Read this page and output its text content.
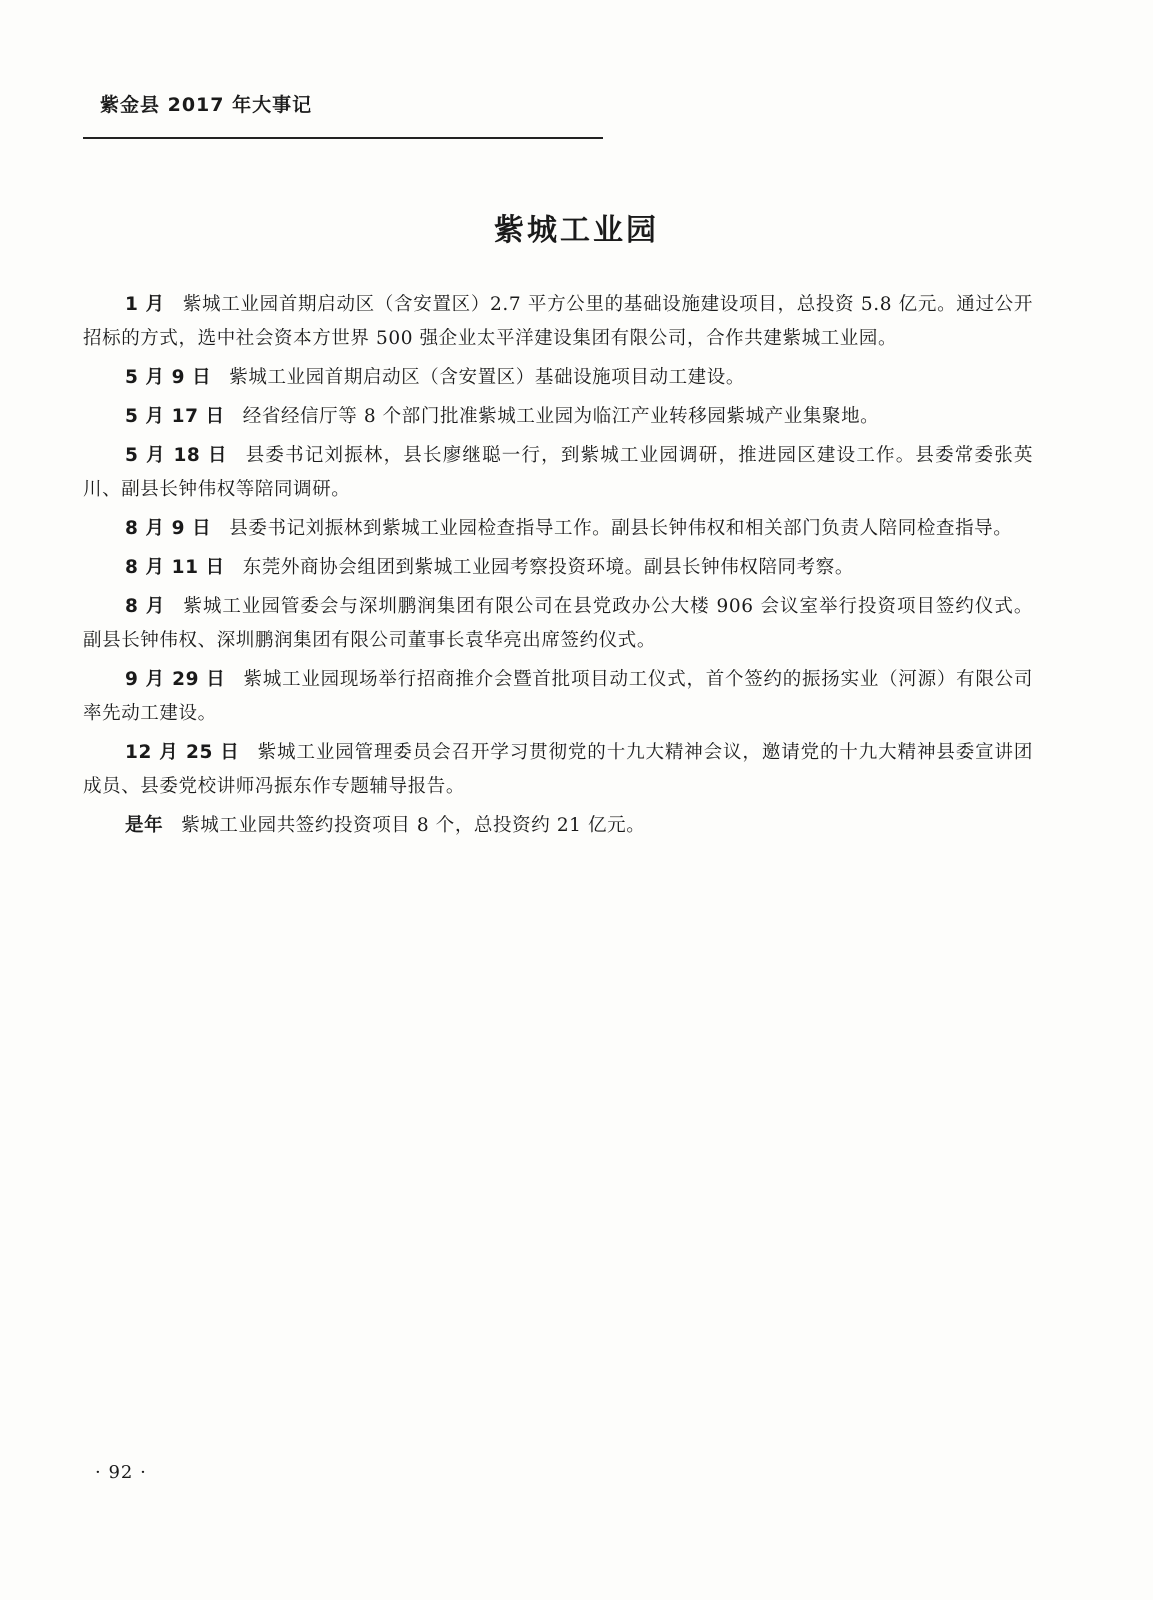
紫金县 2017 年大事记
紫城工业园

1 月 紫城工业园首期启动区（含安置区）2.7 平方公里的基础设施建设项目，总投资 5.8 亿元。通过公开招标的方式，选中社会资本方世界 500 强企业太平洋建设集团有限公司，合作共建紫城工业园。

5 月 9 日 紫城工业园首期启动区（含安置区）基础设施项目动工建设。

5 月 17 日 经省经信厅等 8 个部门批准紫城工业园为临江产业转移园紫城产业集聚地。

5 月 18 日 县委书记刘振林，县长廖继聪一行，到紫城工业园调研，推进园区建设工作。县委常委张英川、副县长钟伟权等陪同调研。

8 月 9 日 县委书记刘振林到紫城工业园检查指导工作。副县长钟伟权和相关部门负责人陪同检查指导。

8 月 11 日 东莞外商协会组团到紫城工业园考察投资环境。副县长钟伟权陪同考察。

8 月 紫城工业园管委会与深圳鹏润集团有限公司在县党政办公大楼 906 会议室举行投资项目签约仪式。副县长钟伟权、深圳鹏润集团有限公司董事长袁华亮出席签约仪式。

9 月 29 日 紫城工业园现场举行招商推介会暨首批项目动工仪式，首个签约的振扬实业（河源）有限公司率先动工建设。

12 月 25 日 紫城工业园管理委员会召开学习贯彻党的十九大精神会议，邀请党的十九大精神县委宣讲团成员、县委党校讲师冯振东作专题辅导报告。

是年 紫城工业园共签约投资项目 8 个，总投资约 21 亿元。

· 92 ·
